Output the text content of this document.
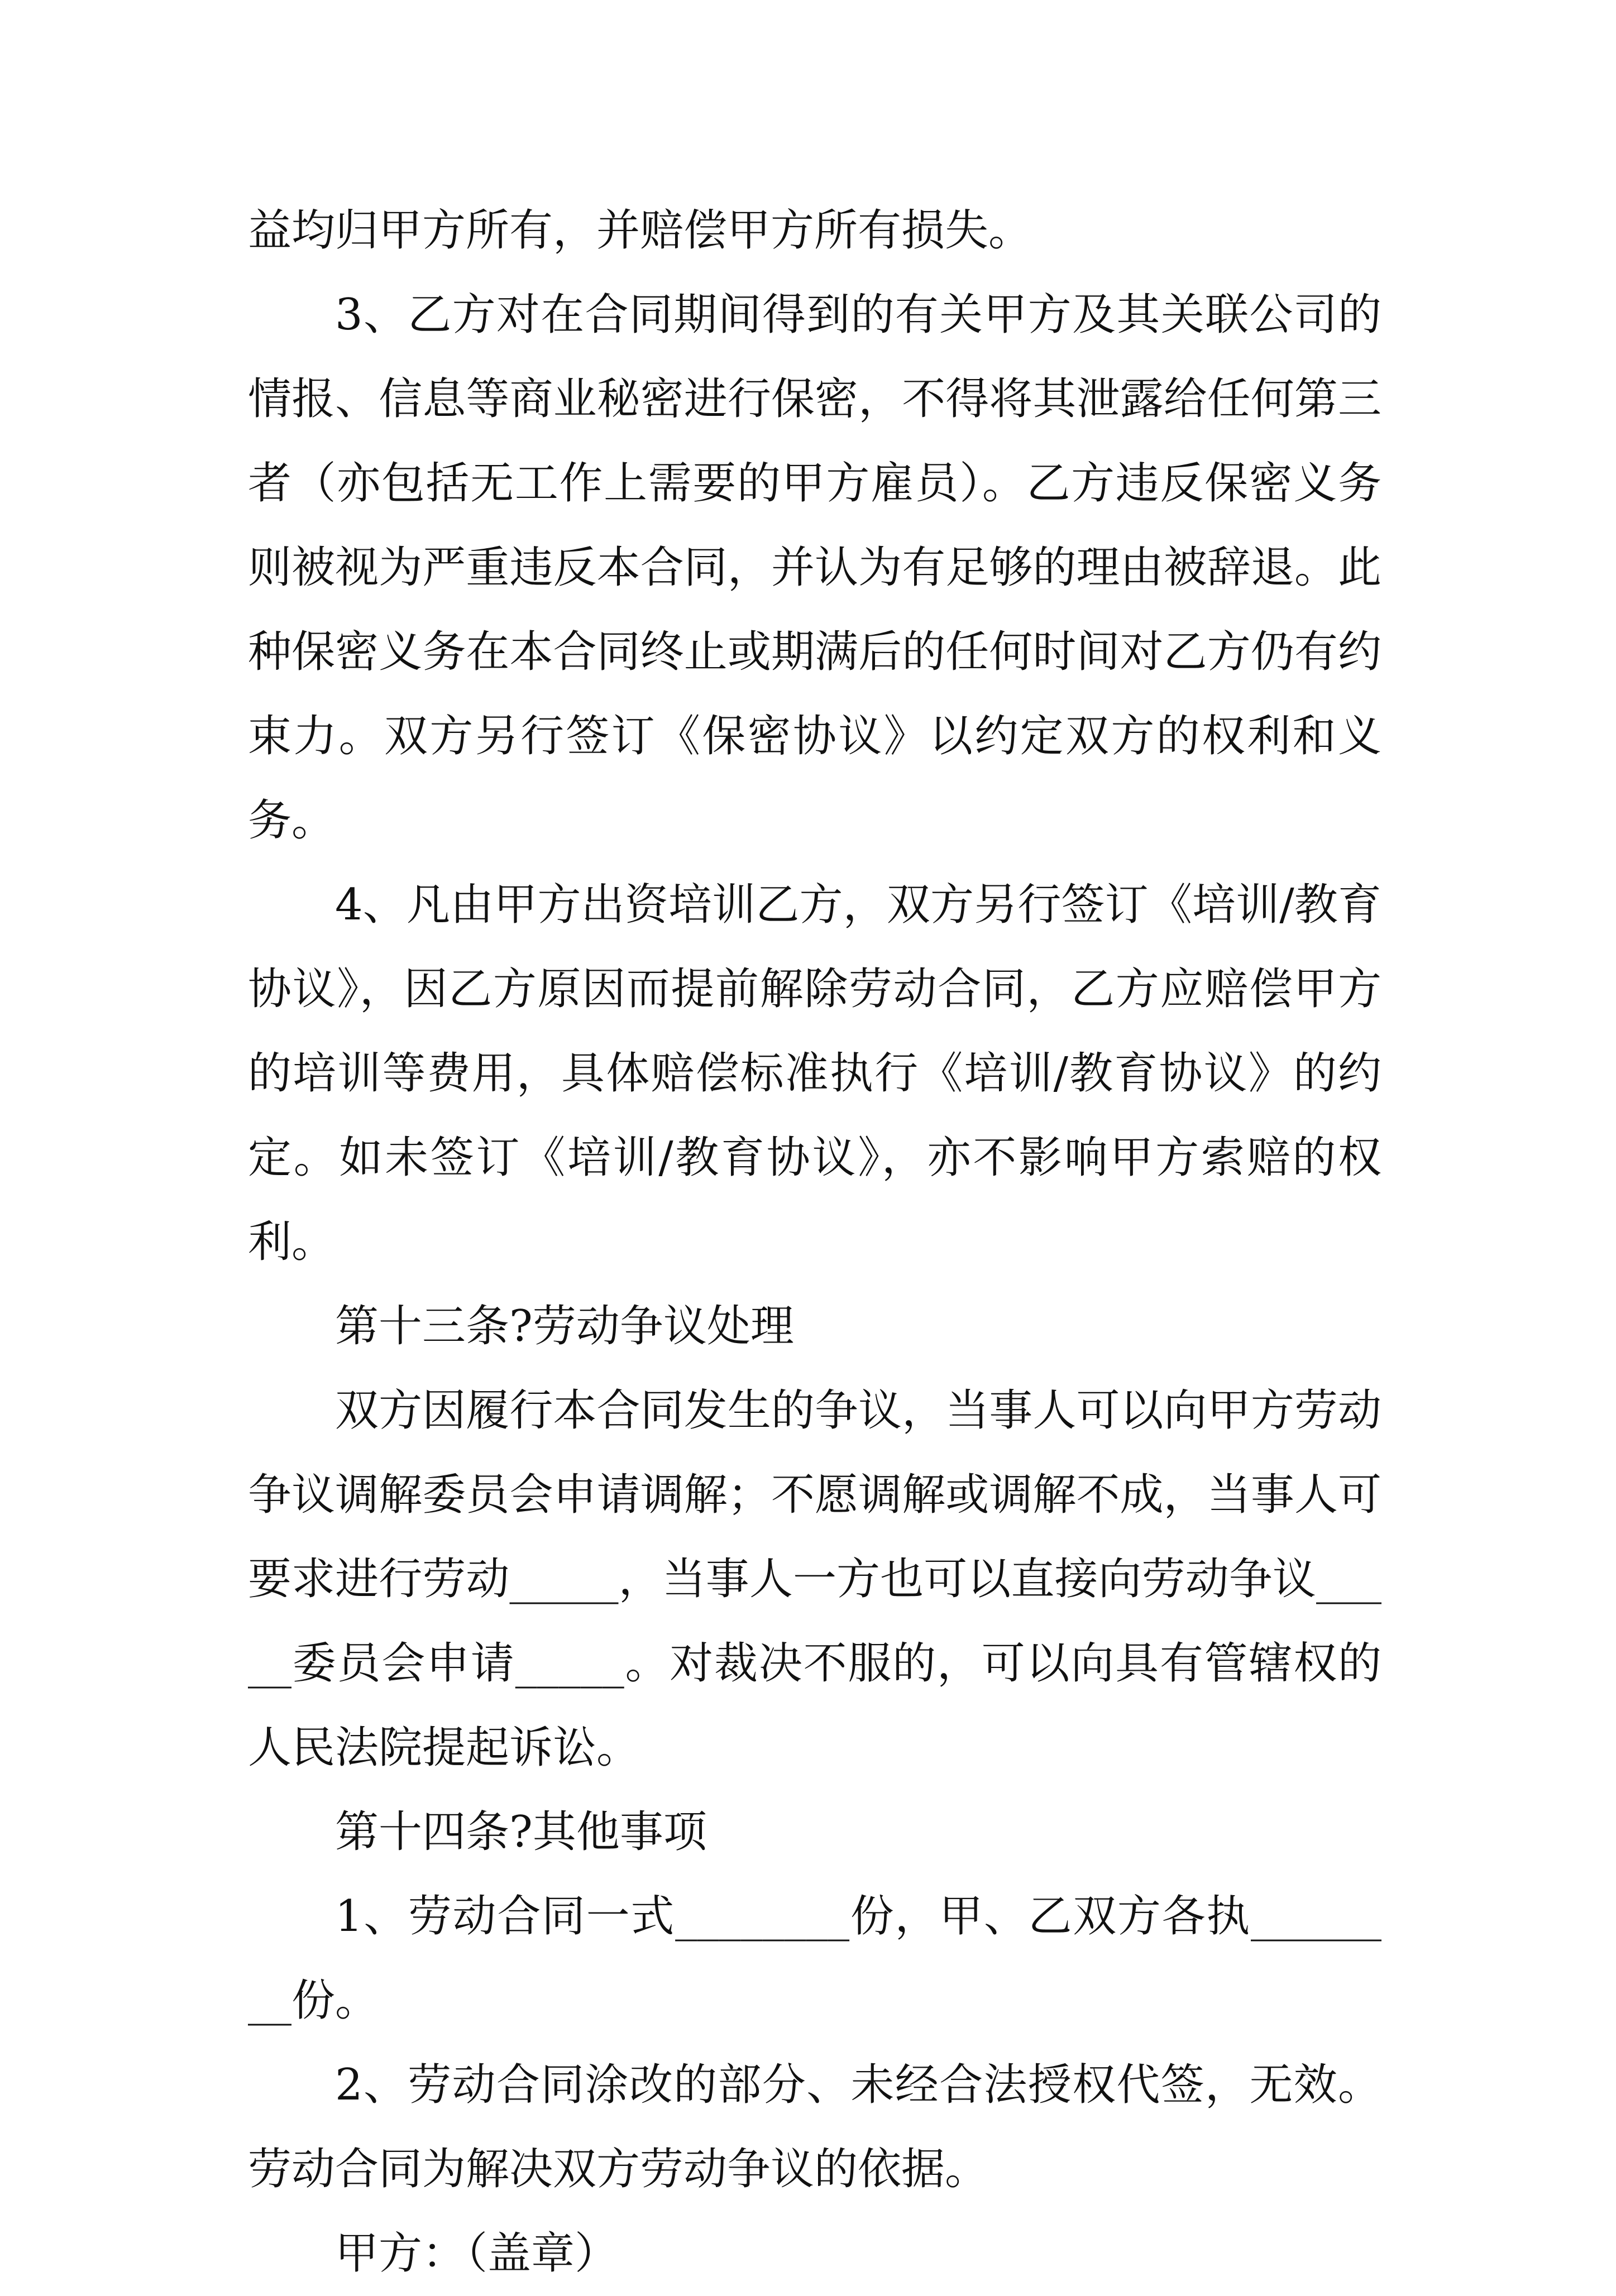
益均归甲方所有，并赔偿甲方所有损失。

3、乙方对在合同期间得到的有关甲方及其关联公司的情报、信息等商业秘密进行保密，不得将其泄露给任何第三者（亦包括无工作上需要的甲方雇员）。乙方违反保密义务则被视为严重违反本合同，并认为有足够的理由被辞退。此种保密义务在本合同终止或期满后的任何时间对乙方仍有约束力。双方另行签订《保密协议》以约定双方的权利和义务。

4、凡由甲方出资培训乙方，双方另行签订《培训/教育协议》，因乙方原因而提前解除劳动合同，乙方应赔偿甲方的培训等费用，具体赔偿标准执行《培训/教育协议》的约定。如未签订《培训/教育协议》，亦不影响甲方索赔的权利。

第十三条?劳动争议处理

双方因履行本合同发生的争议，当事人可以向甲方劳动争议调解委员会申请调解；不愿调解或调解不成，当事人可要求进行劳动_____，当事人一方也可以直接向劳动争议_____委员会申请_____。对裁决不服的，可以向具有管辖权的人民法院提起诉讼。

第十四条?其他事项

1、劳动合同一式________份，甲、乙双方各执________份。

2、劳动合同涂改的部分、未经合法授权代签，无效。劳动合同为解决双方劳动争议的依据。

甲方：（盖章）
